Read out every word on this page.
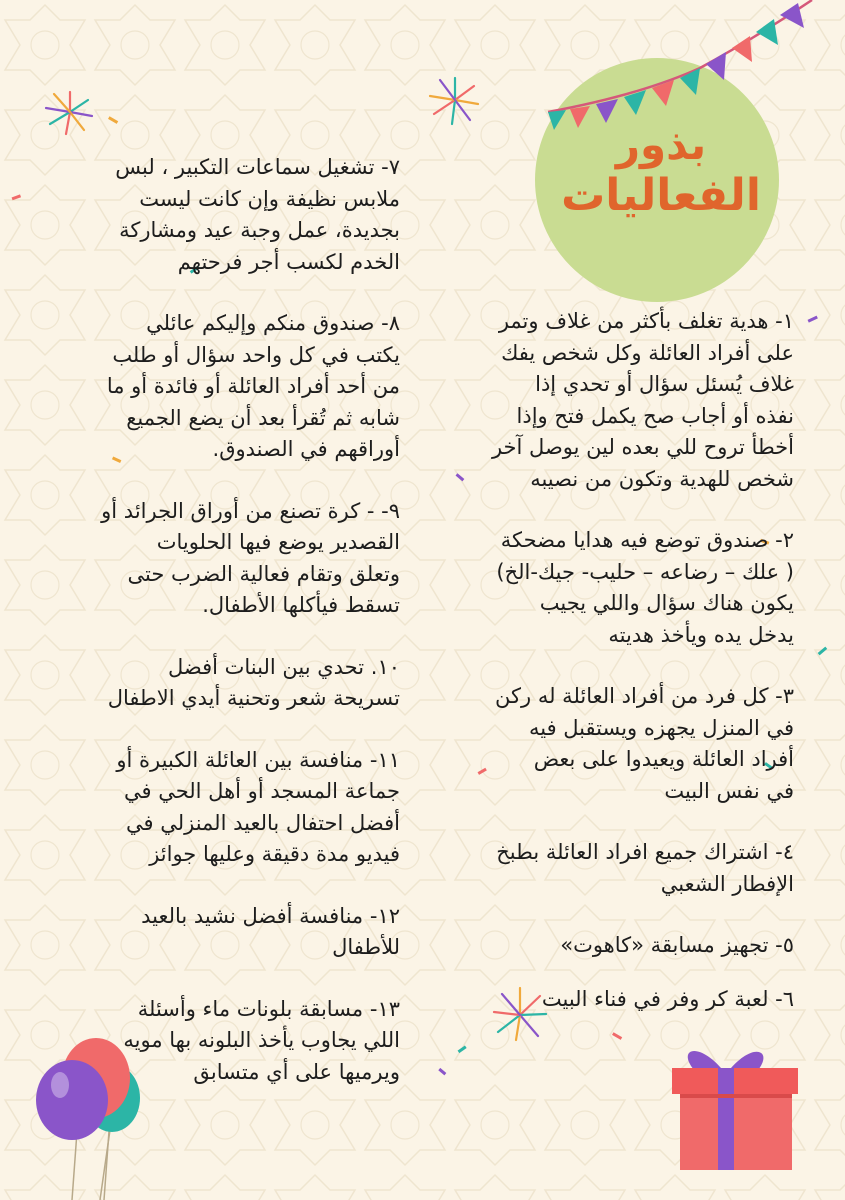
بذور
الفعاليات
١- هدية تغلف بأكثر من غلاف وتمر
على أفراد العائلة وكل شخص يفك
غلاف يُسئل سؤال أو تحدي إذا
نفذه أو أجاب صح يكمل فتح وإذا
أخطأ تروح للي بعده لين يوصل آخر
شخص للهدية وتكون من نصيبه
٢- صندوق توضع فيه هدايا مضحكة
( علك – رضاعه – حليب- جيك-الخ)
يكون هناك سؤال واللي يجيب
يدخل يده ويأخذ هديته
٣- كل فرد من أفراد العائلة له ركن
في المنزل يجهزه ويستقبل فيه
أفراد العائلة ويعيدوا على بعض
في نفس البيت
٤- اشتراك جميع افراد العائلة بطبخ
الإفطار الشعبي
٥- تجهيز مسابقة «كاهوت»
٦- لعبة كر وفر في فناء البيت
٧- تشغيل سماعات التكبير ، لبس
ملابس نظيفة وإن كانت ليست
بجديدة، عمل وجبة عيد ومشاركة
الخدم لكسب أجر فرحتهم
٨- صندوق منكم وإليكم عائلي
يكتب في كل واحد سؤال أو طلب
من أحد أفراد العائلة أو فائدة أو ما
شابه ثم تُقرأ بعد أن يضع الجميع
أوراقهم في الصندوق.
٩- - كرة تصنع من أوراق الجرائد أو
القصدير يوضع فيها الحلويات
وتعلق وتقام فعالية الضرب حتى
تسقط فيأكلها الأطفال.
١٠. تحدي بين البنات أفضل
تسريحة شعر وتحنية أيدي الاطفال
١١- منافسة بين العائلة الكبيرة أو
جماعة المسجد أو أهل الحي في
أفضل احتفال بالعيد المنزلي في
فيديو مدة دقيقة وعليها جوائز
١٢- منافسة أفضل نشيد بالعيد
للأطفال
١٣- مسابقة بلونات ماء وأسئلة
اللي يجاوب يأخذ البلونه بها مويه
ويرميها على أي متسابق
